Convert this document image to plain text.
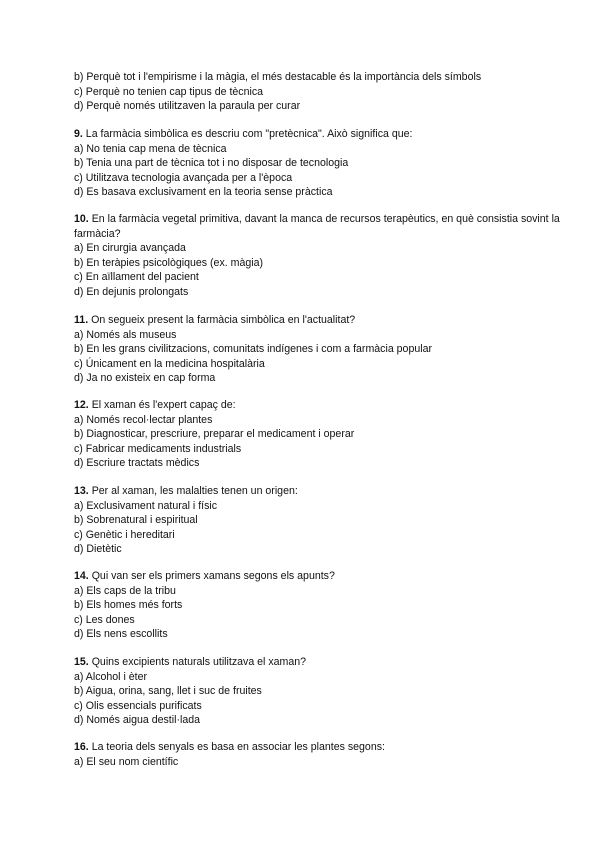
b) Perquè tot i l'empirisme i la màgia, el més destacable és la importància dels símbols
c) Perquè no tenien cap tipus de tècnica
d) Perquè només utilitzaven la paraula per curar
9. La farmàcia simbòlica es descriu com "pretècnica". Això significa que:
a) No tenia cap mena de tècnica
b) Tenia una part de tècnica tot i no disposar de tecnologia
c) Utilitzava tecnologia avançada per a l'època
d) Es basava exclusivament en la teoria sense pràctica
10. En la farmàcia vegetal primitiva, davant la manca de recursos terapèutics, en què consistia sovint la farmàcia?
a) En cirurgia avançada
b) En teràpies psicològiques (ex. màgia)
c) En aïllament del pacient
d) En dejunis prolongats
11. On segueix present la farmàcia simbòlica en l'actualitat?
a) Només als museus
b) En les grans civilitzacions, comunitats indígenes i com a farmàcia popular
c) Únicament en la medicina hospitalària
d) Ja no existeix en cap forma
12. El xaman és l'expert capaç de:
a) Només recol·lectar plantes
b) Diagnosticar, prescriure, preparar el medicament i operar
c) Fabricar medicaments industrials
d) Escriure tractats mèdics
13. Per al xaman, les malalties tenen un origen:
a) Exclusivament natural i físic
b) Sobrenatural i espiritual
c) Genètic i hereditari
d) Dietètic
14. Qui van ser els primers xamans segons els apunts?
a) Els caps de la tribu
b) Els homes més forts
c) Les dones
d) Els nens escollits
15. Quins excipients naturals utilitzava el xaman?
a) Alcohol i èter
b) Aigua, orina, sang, llet i suc de fruites
c) Olis essencials purificats
d) Només aigua destil·lada
16. La teoria dels senyals es basa en associar les plantes segons:
a) El seu nom científic
